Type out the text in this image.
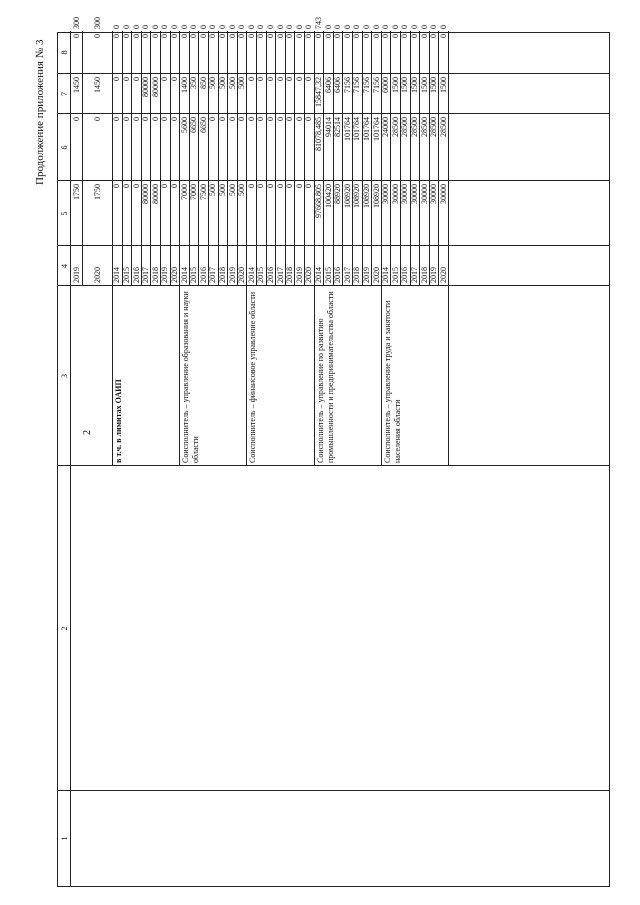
Продолжение приложения № 3
2
1
2
3
4
5
6
7
8
2019
1750
0
1450
0
300
2020
1750
0
1450
0
300
2014
0
0
0
0
0
2015
0
0
0
0
0
2016
0
0
0
0
0
2017
80000
0
80000
0
0
2018
80000
0
80000
0
0
2019
0
0
0
0
0
2020
0
0
0
0
0
в т.ч. в лимитах ОАИП
2014
7000
5600
1400
0
0
2015
7000
6650
350
0
0
2016
7500
6650
850
0
0
2017
500
0
500
0
0
2018
500
0
500
0
0
2019
500
0
500
0
0
2020
500
0
500
0
0
Соисполнитель – управление образования и науки области
2014
0
0
0
0
0
2015
0
0
0
0
0
2016
0
0
0
0
0
2017
0
0
0
0
0
2018
0
0
0
0
0
2019
0
0
0
0
0
2020
0
0
0
0
0
Соисполнитель – финансовое управление области
2014
97668,805
81078,485
15847,32
0
743
2015
100420
94014
6406
0
0
2016
88920
82514
6406
0
0
2017
108920
101764
7156
0
0
2018
108920
101764
7156
0
0
2019
108920
101764
7156
0
0
2020
108920
101764
7156
0
0
Соисполнитель – управление по развитию промышленности и предпринимательства области
2014
30000
24000
6000
0
0
2015
30000
28500
1500
0
0
2016
30000
28500
1500
0
0
2017
30000
28500
1500
0
0
2018
30000
28500
1500
0
0
2019
30000
28500
1500
0
0
2020
30000
28500
1500
0
0
Соисполнитель – управление труда и занятости населения области
